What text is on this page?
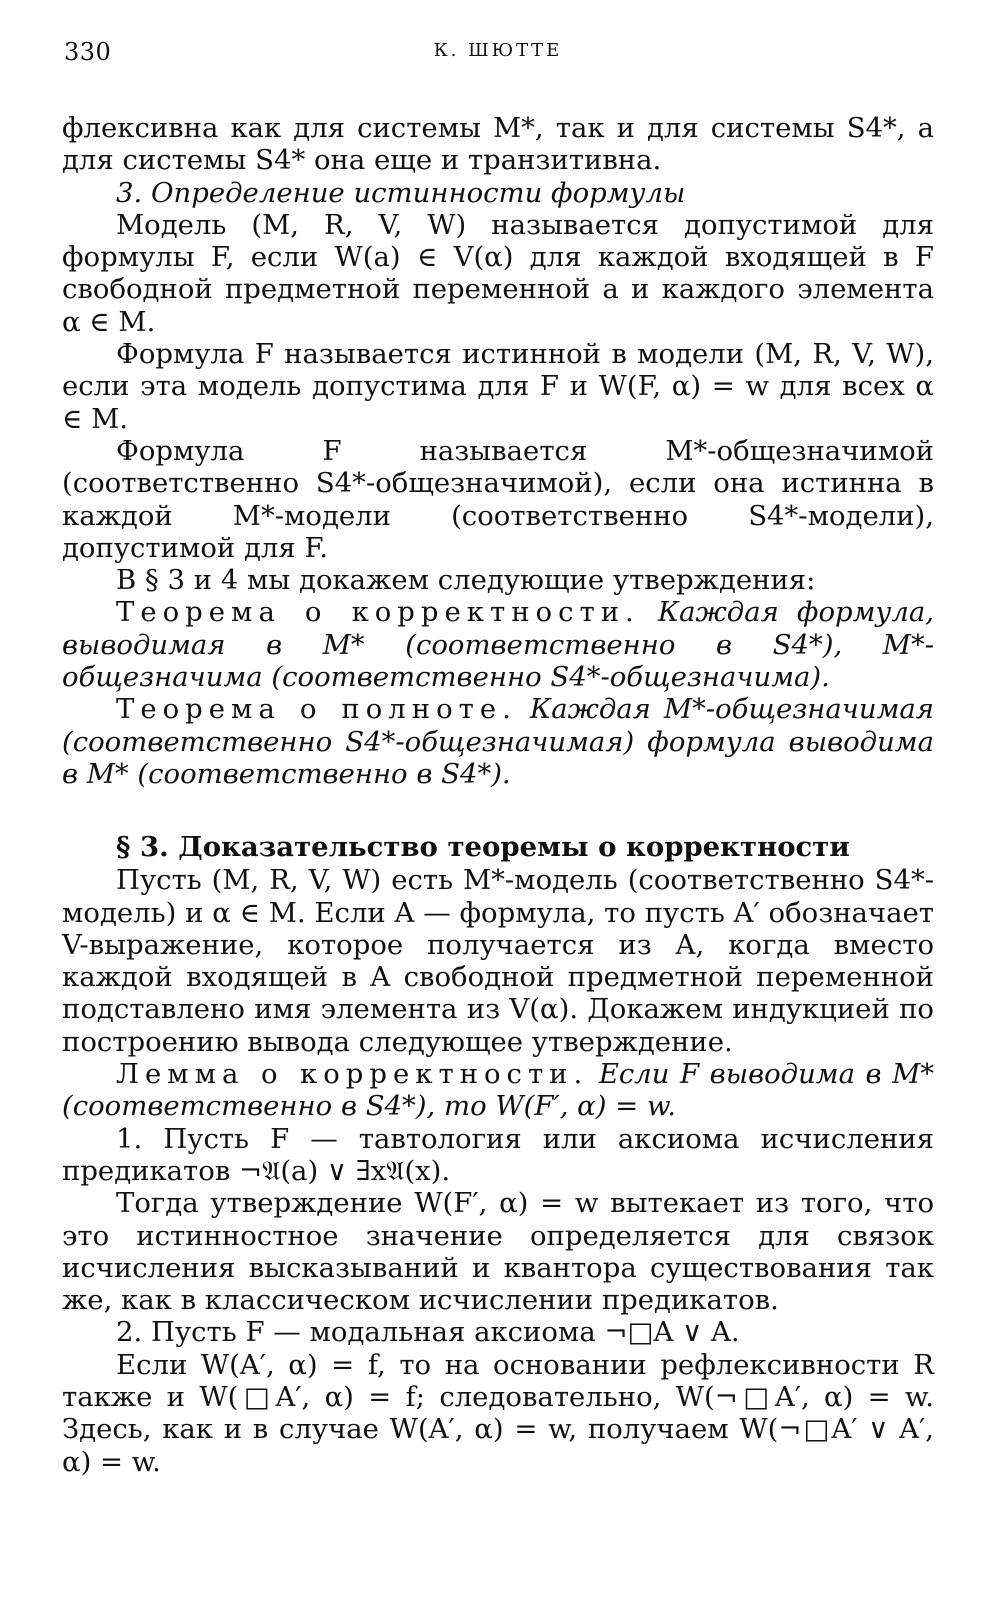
330	К. ШЮТТЕ

флексивна как для системы M*, так и для системы S4*, а для системы S4* она еще и транзитивна.

3. Определение истинности формулы

Модель (M, R, V, W) называется допустимой для формулы F, если W(a) ∈ V(α) для каждой входящей в F свободной предметной переменной a и каждого элемента α ∈ M.

Формула F называется истинной в модели (M, R, V, W), если эта модель допустима для F и W(F, α) = w для всех α ∈ M.

Формула F называется M*-общезначимой (соответственно S4*-общезначимой), если она истинна в каждой M*-модели (соответственно S4*-модели), допустимой для F.

В § 3 и 4 мы докажем следующие утверждения:

Теорема о корректности. Каждая формула, выводимая в M* (соответственно в S4*), M*-общезначима (соответственно S4*-общезначима).

Теорема о полноте. Каждая M*-общезначимая (соответственно S4*-общезначимая) формула выводима в M* (соответственно в S4*).

§ 3. Доказательство теоремы о корректности

Пусть (M, R, V, W) есть M*-модель (соответственно S4*-модель) и α ∈ M. Если A — формула, то пусть A′ обозначает V-выражение, которое получается из A, когда вместо каждой входящей в A свободной предметной переменной подставлено имя элемента из V(α). Докажем индукцией по построению вывода следующее утверждение.

Лемма о корректности. Если F выводима в M* (соответственно в S4*), то W(F′, α) = w.

1. Пусть F — тавтология или аксиома исчисления предикатов ¬𝔄(a) ∨ ∃x𝔄(x).

Тогда утверждение W(F′, α) = w вытекает из того, что это истинностное значение определяется для связок исчисления высказываний и квантора существования так же, как в классическом исчислении предикатов.

2. Пусть F — модальная аксиома ¬□A ∨ A.

Если W(A′, α) = f, то на основании рефлексивности R также и W(□A′, α) = f; следовательно, W(¬□A′, α) = w. Здесь, как и в случае W(A′, α) = w, получаем W(¬□A′ ∨ A′, α) = w.
